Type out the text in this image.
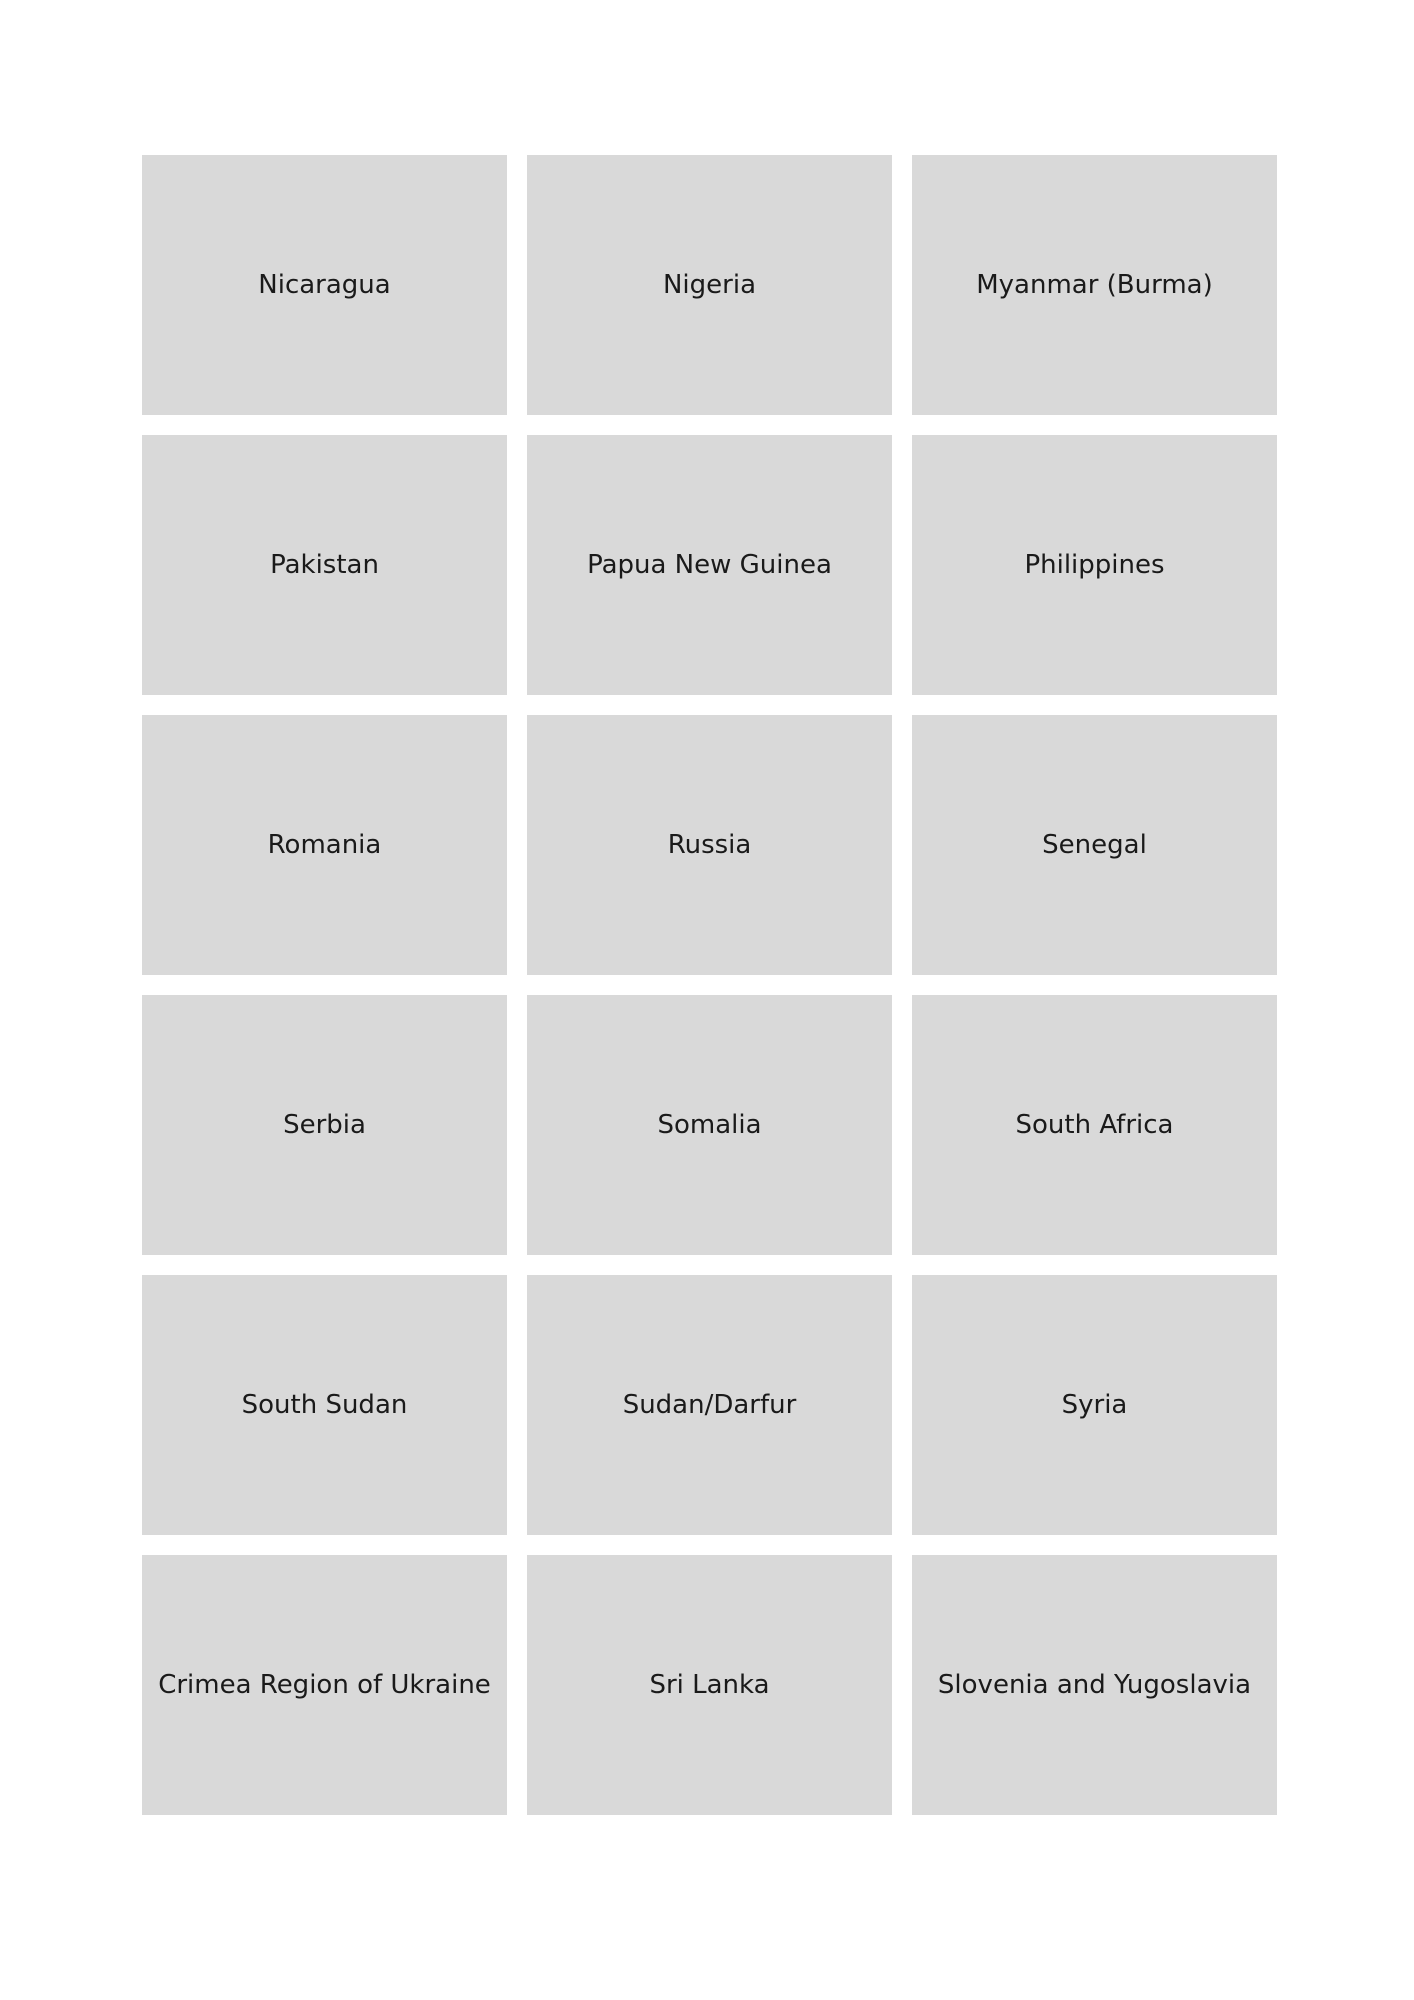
Nicaragua	Nigeria	Myanmar (Burma)
Pakistan	Papua New Guinea	Philippines
Romania	Russia	Senegal
Serbia	Somalia	South Africa
South Sudan	Sudan/Darfur	Syria
Crimea Region of Ukraine	Sri Lanka	Slovenia and Yugoslavia
